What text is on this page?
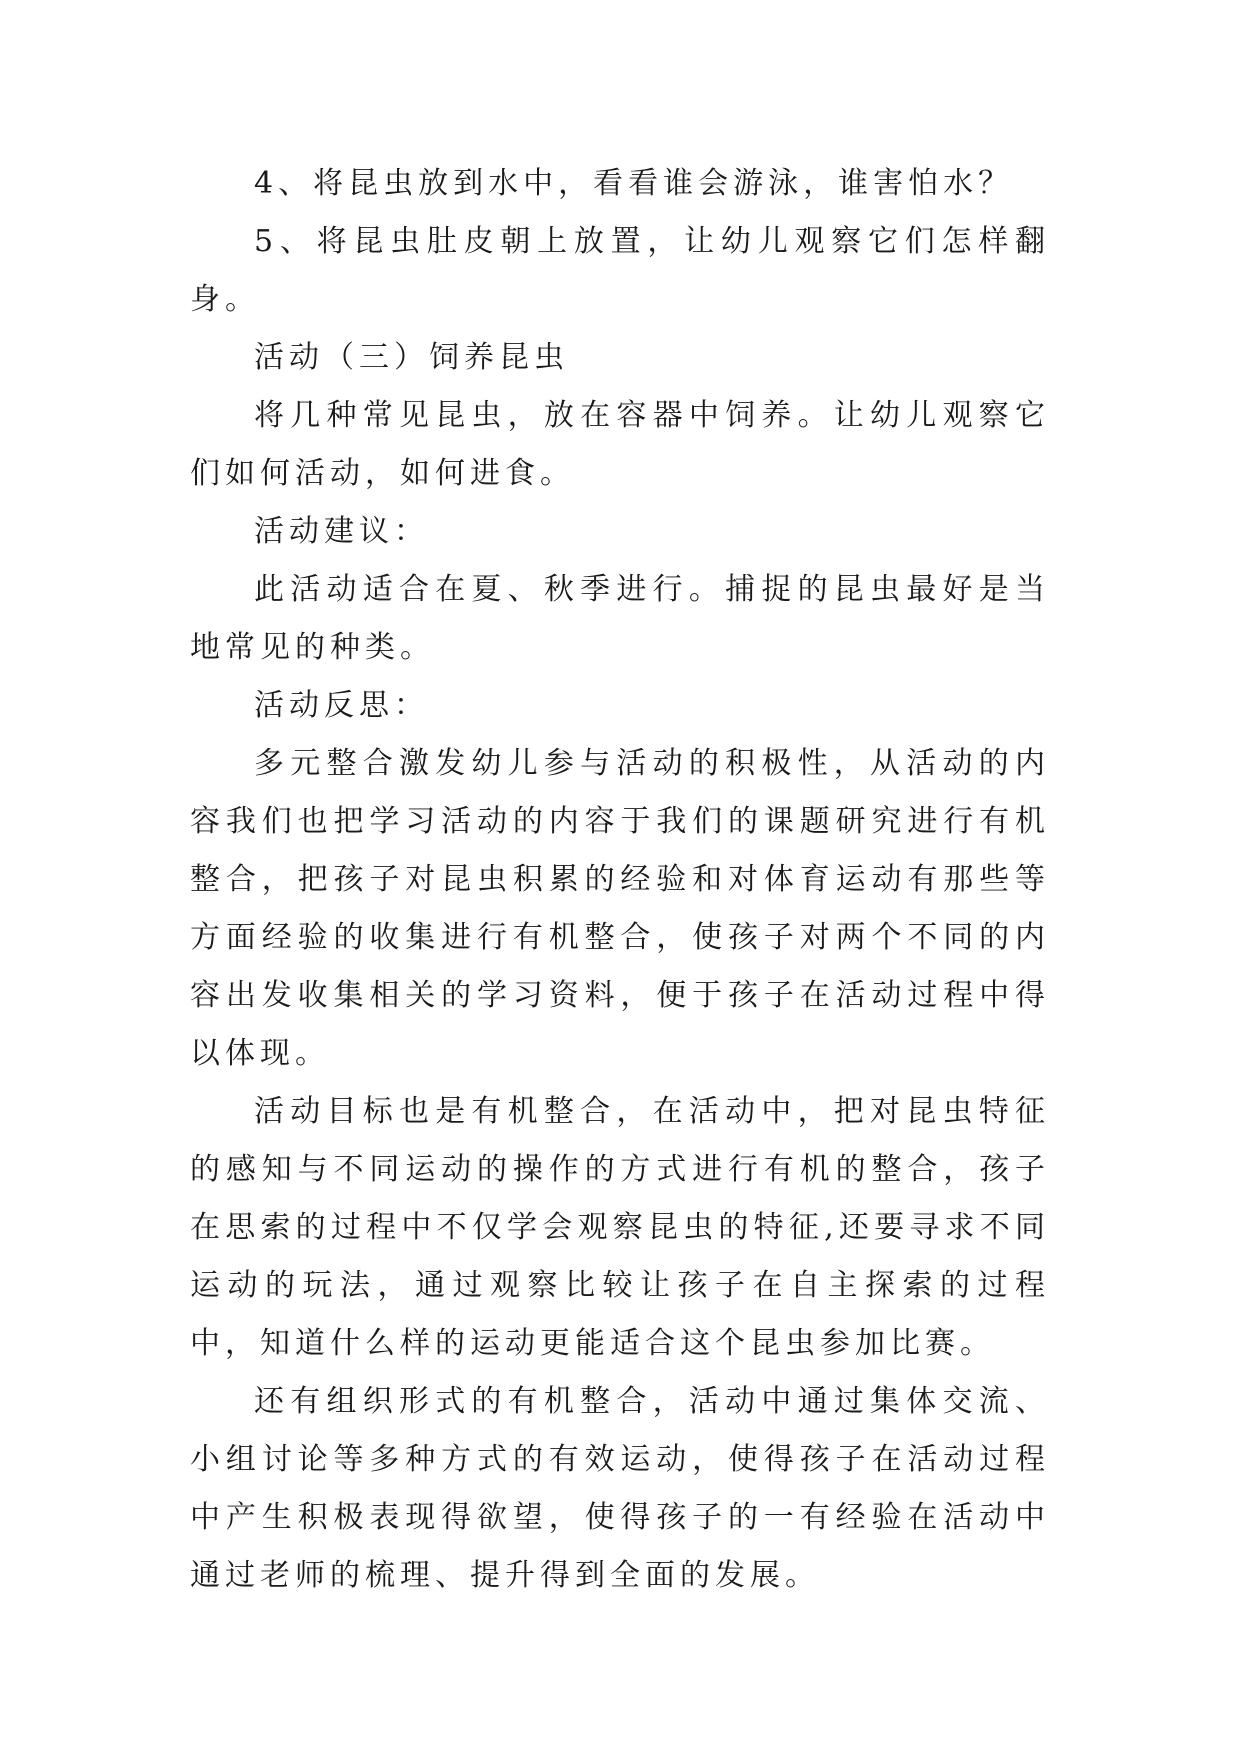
4、将昆虫放到水中，看看谁会游泳，谁害怕水？

5、将昆虫肚皮朝上放置，让幼儿观察它们怎样翻身。

活动（三）饲养昆虫

将几种常见昆虫，放在容器中饲养。让幼儿观察它们如何活动，如何进食。

活动建议：

此活动适合在夏、秋季进行。捕捉的昆虫最好是当地常见的种类。

活动反思：

多元整合激发幼儿参与活动的积极性，从活动的内容我们也把学习活动的内容于我们的课题研究进行有机整合，把孩子对昆虫积累的经验和对体育运动有那些等方面经验的收集进行有机整合，使孩子对两个不同的内容出发收集相关的学习资料，便于孩子在活动过程中得以体现。

活动目标也是有机整合，在活动中，把对昆虫特征的感知与不同运动的操作的方式进行有机的整合，孩子在思索的过程中不仅学会观察昆虫的特征,还要寻求不同运动的玩法，通过观察比较让孩子在自主探索的过程中，知道什么样的运动更能适合这个昆虫参加比赛。

还有组织形式的有机整合，活动中通过集体交流、小组讨论等多种方式的有效运动，使得孩子在活动过程中产生积极表现得欲望，使得孩子的一有经验在活动中通过老师的梳理、提升得到全面的发展。
